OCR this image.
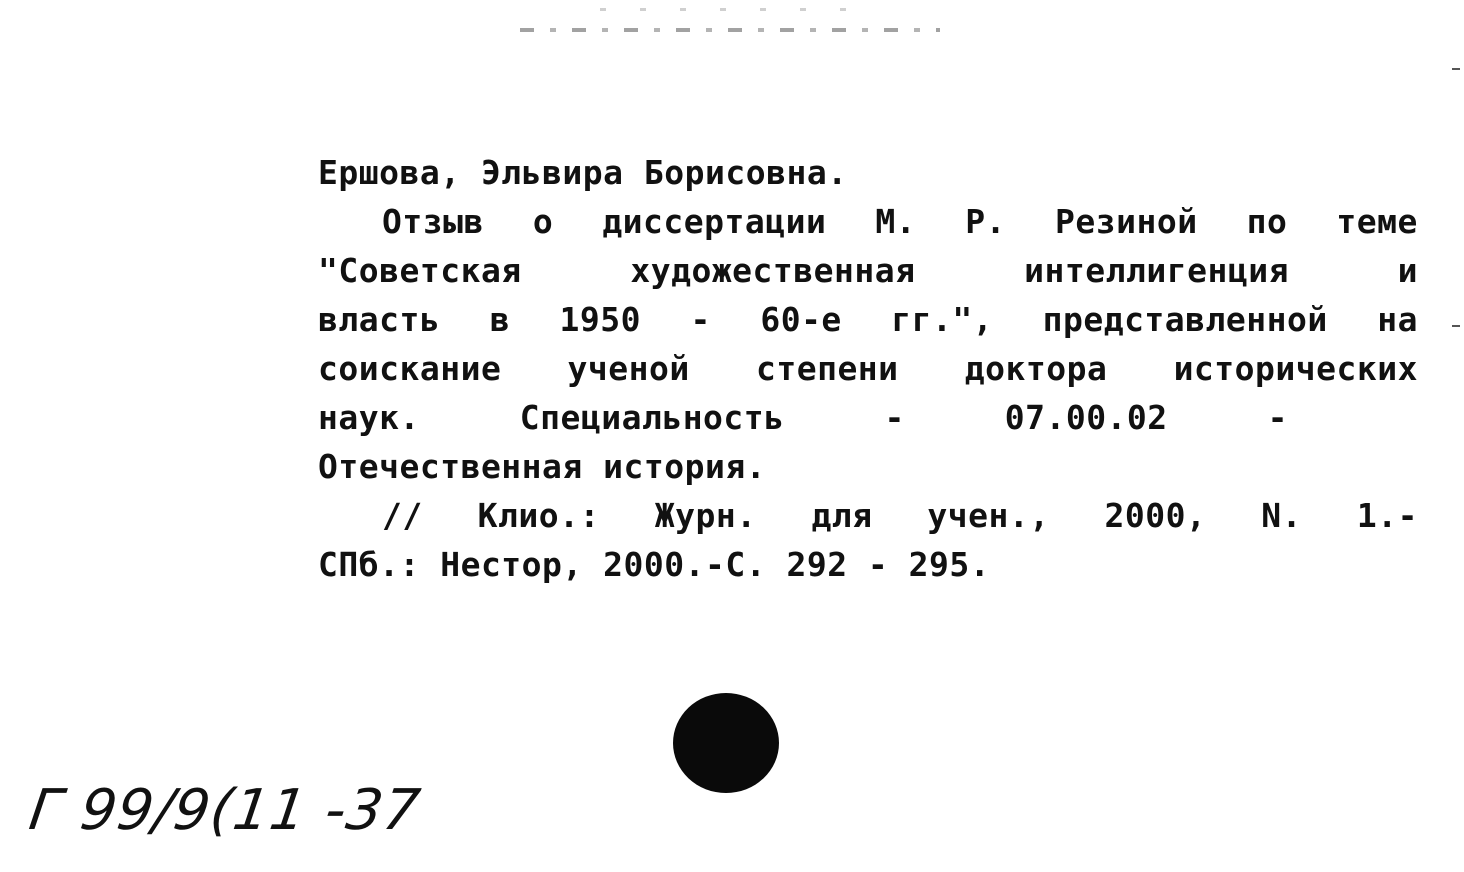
Ершова, Эльвира Борисовна.
Отзыв о диссертации М. Р. Резиной по теме
"Советская	художественная	интеллигенция	и
власть в 1950 - 60-е гг.", представленной на
соискание ученой степени доктора исторических
наук.	Специальность	-	07.00.02	-
Отечественная история.
// Клио.: Журн. для учен., 2000, N. 1.-
СПб.: Нестор, 2000.-С. 292 - 295.
Г 99/9(11 -37
